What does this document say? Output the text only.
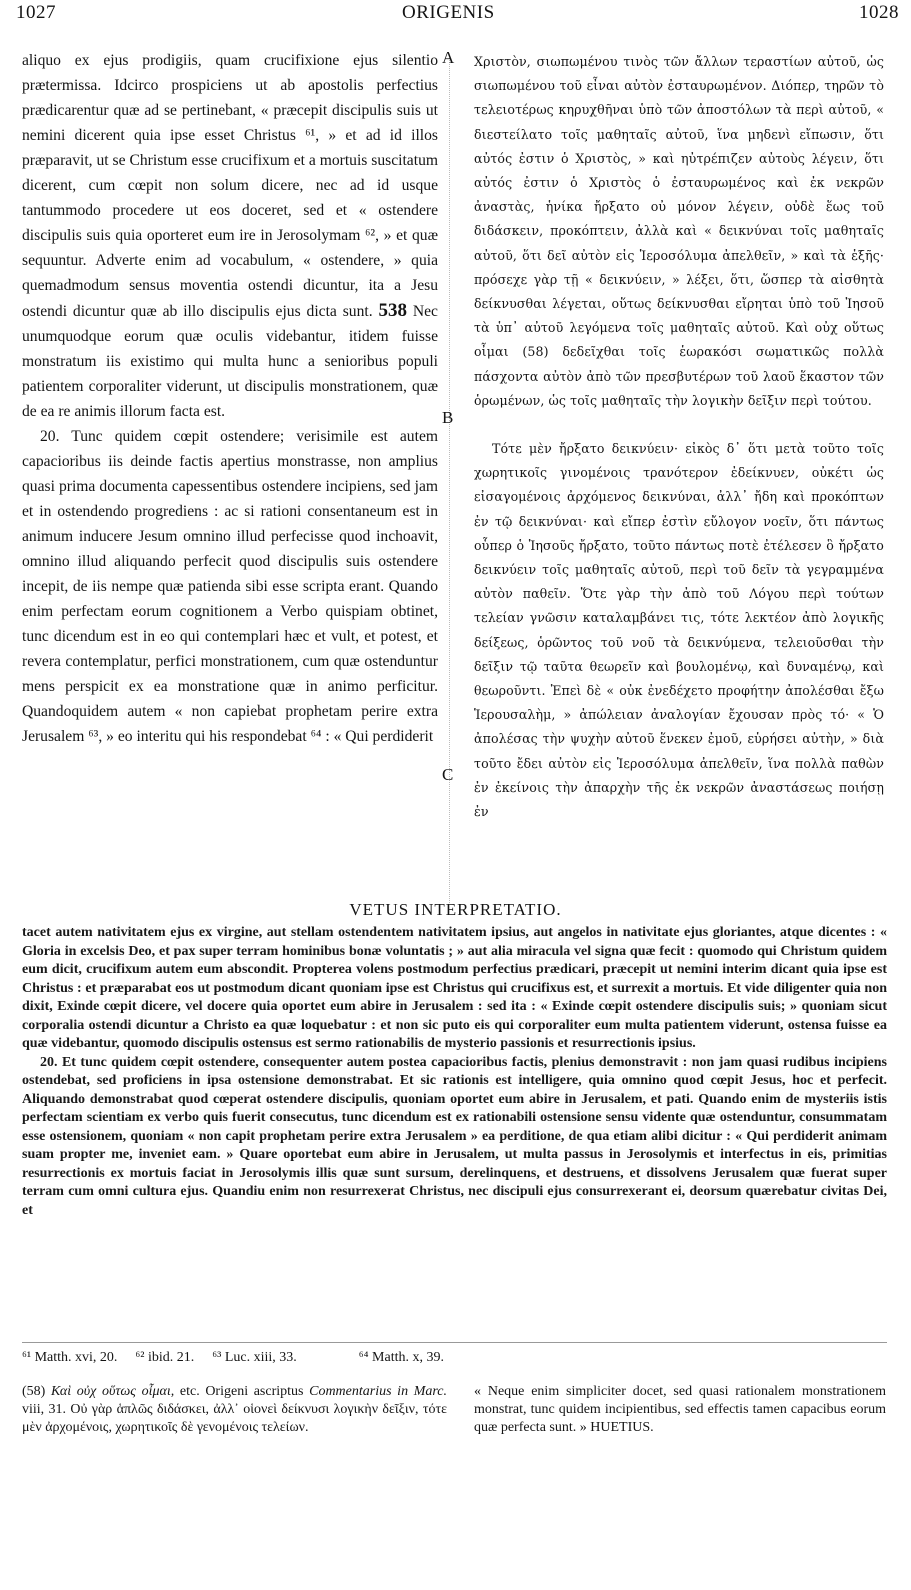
1027	ORIGENIS	1028
A
B
C

aliquo ex ejus prodigiis, quam crucifixione ejus silentio prætermissa. Idcirco prospiciens ut ab apostolis perfectius prædicarentur quæ ad se pertinebant, « præcepit discipulis suis ut nemini dicerent quia ipse esset Christus ⁶¹, » et ad id illos præparavit, ut se Christum esse crucifixum et a mortuis suscitatum dicerent, cum cœpit non solum dicere, nec ad id usque tantummodo procedere ut eos doceret, sed et « ostendere discipulis suis quia oporteret eum ire in Jerosolymam ⁶², » et quæ sequuntur. Adverte enim ad vocabulum, « ostendere, » quia quemadmodum sensus moventia ostendi dicuntur, ita a Jesu ostendi dicuntur quæ ab illo discipulis ejus dicta sunt. 538 Nec unumquodque eorum quæ oculis videbantur, itidem fuisse monstratum iis existimo qui multa hunc a senioribus populi patientem corporaliter viderunt, ut discipulis monstrationem, quæ de ea re animis illorum facta est.

20. Tunc quidem cœpit ostendere; verisimile est autem capacioribus iis deinde factis apertius monstrasse, non amplius quasi prima documenta capessentibus ostendere incipiens, sed jam et in ostendendo progrediens : ac si rationi consentaneum est in animum inducere Jesum omnino illud perfecisse quod inchoavit, omnino illud aliquando perfecit quod discipulis suis ostendere incepit, de iis nempe quæ patienda sibi esse scripta erant. Quando enim perfectam eorum cognitionem a Verbo quispiam obtinet, tunc dicendum est in eo qui contemplari hæc et vult, et potest, et revera contemplatur, perfici monstrationem, cum quæ ostenduntur mens perspicit ex ea monstratione quæ in animo perficitur. Quandoquidem autem « non capiebat prophetam perire extra Jerusalem ⁶³, » eo interitu qui his respondebat ⁶⁴ : « Qui perdiderit

Χριστὸν, σιωπωμένου τινὸς τῶν ἄλλων τεραστίων αὐτοῦ, ὡς σιωπωμένου τοῦ εἶναι αὐτὸν ἐσταυρωμένον. Διόπερ, τηρῶν τὸ τελειοτέρως κηρυχθῆναι ὑπὸ τῶν ἀποστόλων τὰ περὶ αὐτοῦ, « διεστείλατο τοῖς μαθηταῖς αὐτοῦ, ἵνα μηδενὶ εἴπωσιν, ὅτι αὐτός ἐστιν ὁ Χριστὸς, » καὶ ηὐτρέπιζεν αὐτοὺς λέγειν, ὅτι αὐτός ἐστιν ὁ Χριστὸς ὁ ἐσταυρωμένος καὶ ἐκ νεκρῶν ἀναστὰς, ἡνίκα ἤρξατο οὐ μόνον λέγειν, οὐδὲ ἕως τοῦ διδάσκειν, προκόπτειν, ἀλλὰ καὶ « δεικνύναι τοῖς μαθηταῖς αὐτοῦ, ὅτι δεῖ αὐτὸν εἰς Ἱεροσόλυμα ἀπελθεῖν, » καὶ τὰ ἑξῆς· πρόσεχε γὰρ τῇ « δεικνύειν, » λέξει, ὅτι, ὥσπερ τὰ αἰσθητὰ δείκνυσθαι λέγεται, οὕτως δείκνυσθαι εἴρηται ὑπὸ τοῦ Ἰησοῦ τὰ ὑπ᾽ αὐτοῦ λεγόμενα τοῖς μαθηταῖς αὐτοῦ. Καὶ οὐχ οὕτως οἶμαι (58) δεδεῖχθαι τοῖς ἑωρακόσι σωματικῶς πολλὰ πάσχοντα αὐτὸν ἀπὸ τῶν πρεσβυτέρων τοῦ λαοῦ ἕκαστον τῶν ὁρωμένων, ὡς τοῖς μαθηταῖς τὴν λογικὴν δεῖξιν περὶ τούτου.

Τότε μὲν ἤρξατο δεικνύειν· εἰκὸς δ᾽ ὅτι μετὰ τοῦτο τοῖς χωρητικοῖς γινομένοις τρανότερον ἐδείκνυεν, οὐκέτι ὡς εἰσαγομένοις ἀρχόμενος δεικνύναι, ἀλλ᾽ ἤδη καὶ προκόπτων ἐν τῷ δεικνύναι· καὶ εἴπερ ἐστὶν εὔλογον νοεῖν, ὅτι πάντως οὗπερ ὁ Ἰησοῦς ἤρξατο, τοῦτο πάντως ποτὲ ἐτέλεσεν ὃ ἤρξατο δεικνύειν τοῖς μαθηταῖς αὐτοῦ, περὶ τοῦ δεῖν τὰ γεγραμμένα αὐτὸν παθεῖν. Ὅτε γὰρ τὴν ἀπὸ τοῦ Λόγου περὶ τούτων τελείαν γνῶσιν καταλαμβάνει τις, τότε λεκτέον ἀπὸ λογικῆς δείξεως, ὁρῶντος τοῦ νοῦ τὰ δεικνύμενα, τελειοῦσθαι τὴν δεῖξιν τῷ ταῦτα θεωρεῖν καὶ βουλομένῳ, καὶ δυναμένῳ, καὶ θεωροῦντι. Ἐπεὶ δὲ « οὐκ ἐνεδέχετο προφήτην ἀπολέσθαι ἔξω Ἱερουσαλὴμ, » ἀπώλειαν ἀναλογίαν ἔχουσαν πρὸς τό· « Ὁ ἀπολέσας τὴν ψυχὴν αὐτοῦ ἕνεκεν ἐμοῦ, εὑρήσει αὐτὴν, » διὰ τοῦτο ἔδει αὐτὸν εἰς Ἱεροσόλυμα ἀπελθεῖν, ἵνα πολλὰ παθὼν ἐν ἐκείνοις τὴν ἀπαρχὴν τῆς ἐκ νεκρῶν ἀναστάσεως ποιήσῃ ἐν

VETUS INTERPRETATIO.

tacet autem nativitatem ejus ex virgine, aut stellam ostendentem nativitatem ipsius, aut angelos in nativitate ejus gloriantes, atque dicentes : « Gloria in excelsis Deo, et pax super terram hominibus bonæ voluntatis ; » aut alia miracula vel signa quæ fecit : quomodo qui Christum quidem eum dicit, crucifixum autem eum abscondit. Propterea volens postmodum perfectius prædicari, præcepit ut nemini interim dicant quia ipse est Christus : et præparabat eos ut postmodum dicant quoniam ipse est Christus qui crucifixus est, et surrexit a mortuis. Et vide diligenter quia non dixit, Exinde cœpit dicere, vel docere quia oportet eum abire in Jerusalem : sed ita : « Exinde cœpit ostendere discipulis suis; » quoniam sicut corporalia ostendi dicuntur a Christo ea quæ loquebatur : et non sic puto eis qui corporaliter eum multa patientem viderunt, ostensa fuisse ea quæ videbantur, quomodo discipulis ostensus est sermo rationabilis de mysterio passionis et resurrectionis ipsius.

20. Et tunc quidem cœpit ostendere, consequenter autem postea capacioribus factis, plenius demonstravit : non jam quasi rudibus incipiens ostendebat, sed proficiens in ipsa ostensione demonstrabat. Et sic rationis est intelligere, quia omnino quod cœpit Jesus, hoc et perfecit. Aliquando demonstrabat quod cœperat ostendere discipulis, quoniam oportet eum abire in Jerusalem, et pati. Quando enim de mysteriis istis perfectam scientiam ex verbo quis fuerit consecutus, tunc dicendum est ex rationabili ostensione sensu vidente quæ ostenduntur, consummatam esse ostensionem, quoniam « non capit prophetam perire extra Jerusalem » ea perditione, de qua etiam alibi dicitur : « Qui perdiderit animam suam propter me, inveniet eam. » Quare oportebat eum abire in Jerusalem, ut multa passus in Jerosolymis et interfectus in eis, primitias resurrectionis ex mortuis faciat in Jerosolymis illis quæ sunt sursum, derelinquens, et destruens, et dissolvens Jerusalem quæ fuerat super terram cum omni cultura ejus. Quandiu enim non resurrexerat Christus, nec discipuli ejus consurrexerant ei, deorsum quærebatur civitas Dei, et

⁶¹ Matth. xvi, 20. ⁶² ibid. 21. ⁶³ Luc. xiii, 33.	⁶⁴ Matth. x, 39.

(58) Καὶ οὐχ οὕτως οἶμαι, etc. Origeni ascriptus Commentarius in Marc. viii, 31. Οὐ γὰρ ἁπλῶς διδάσκει, ἀλλ᾽ οἱονεὶ δείκνυσι λογικὴν δεῖξιν, τότε μὲν ἀρχομένοις, χωρητικοῖς δὲ γενομένοις τελείων.

« Neque enim simpliciter docet, sed quasi rationalem monstrationem monstrat, tunc quidem incipientibus, sed effectis tamen capacibus eorum quæ perfecta sunt. » HUETIUS.
